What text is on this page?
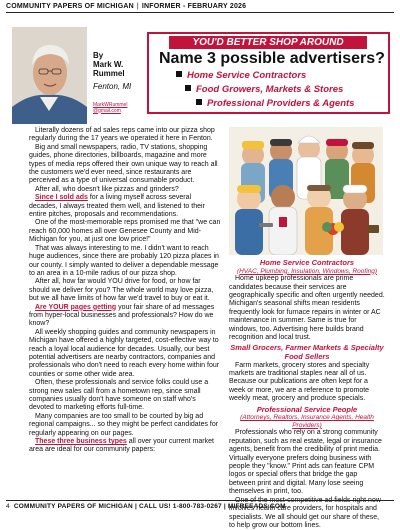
COMMUNITY PAPERS OF MICHIGAN | INFORMER - FEBRUARY 2026
By
Mark W.
Rummel
Fenton, MI
MarkWRummel
@gmail.com
YOU'D BETTER SHOP AROUND
Name 3 possible advertisers?
Home Service Contractors
Food Growers, Markets & Stores
Professional Providers & Agents

Literally dozens of ad sales reps came into our pizza shop regularly during the 17 years we operated it here in Fenton.

Big and small newspapers, radio, TV stations, shopping guides, phone directories, billboards, magazine and more types of media reps offered their own unique way to reach all the customers we'd ever need, since restaurants are perceived as a type of universal consumable product.

After all, who doesn't like pizzas and grinders?

Since I sold ads for a living myself across several decades, I always treated them well, and listened to their entire pitches, proposals and recommendations.

One of the most-memorable reps promised me that "we can reach 60,000 homes all over Genesee County and Mid-Michigan for you, at just one low price!"

That was always interesting to me. I didn't want to reach huge audiences, since there are probably 120 pizza places in our county. I simply wanted to deliver a dependable message to an area in a 10-mile radius of our pizza shop.

After all, how far would YOU drive for food, or how far should we deliver for you? The whole world may love pizza, but we all have limits of how far we'd travel to buy or eat it.

Are YOUR pages getting your fair share of ad messages from hyper-local businesses and professionals? How do we know?

All weekly shopping guides and community newspapers in Michigan have offered a highly targeted, cost-effective way to reach a loyal local audience for decades. Usually, our best potential advertisers are nearby contractors, companies and professionals who don't need to reach every home within four counties or some other wide area.

Often, these professionals and service folks could use a strong new sales call from a hometown rep, since small companies usually don't have someone on staff who's devoted to marketing efforts full-time.

Many companies are too small to be courted by big ad regional campaigns... so they might be perfect candidates for regularly appearing on our pages.

These three business types all over your current market area are ideal for our community papers:

Home Service Contractors
(HVAC, Plumbing, Insulation, Windows, Roofing)

Home upkeep professionals are prime candidates because their services are geographically specific and often urgently needed. Michigan's seasonal shifts mean residents frequently look for furnace repairs in winter or AC maintenance in summer. Same is true for windows, too. Advertising here builds brand recognition and local trust.

Small Grocers, Farmer Markets & Specialty Food Sellers

Farm markets, grocery stores and specialty markets are traditional staples near all of us. Because our publications are often kept for a week or more, we are a reference to promote weekly meat, grocery and produce specials.

Professional Service People
(Attorneys, Realtors, Insurance Agents, Health Providers)

Professionals who rely on a strong community reputation, such as real estate, legal or insurance agents, benefit from the credibility of print media. Virtually everyone prefers doing business with people they "know." Print ads can feature CPM logos or special offers that bridge the gap between print and digital. Many lose seeing themselves in print, too.

One of the most-competitive ad fields right now involves health care providers, for hospitals and specialists. We all should get our share of these, to help grow our bottom lines.

4 COMMUNITY PAPERS OF MICHIGAN | CALL US! 1-800-783-0267 | MIFREEADS.COM
